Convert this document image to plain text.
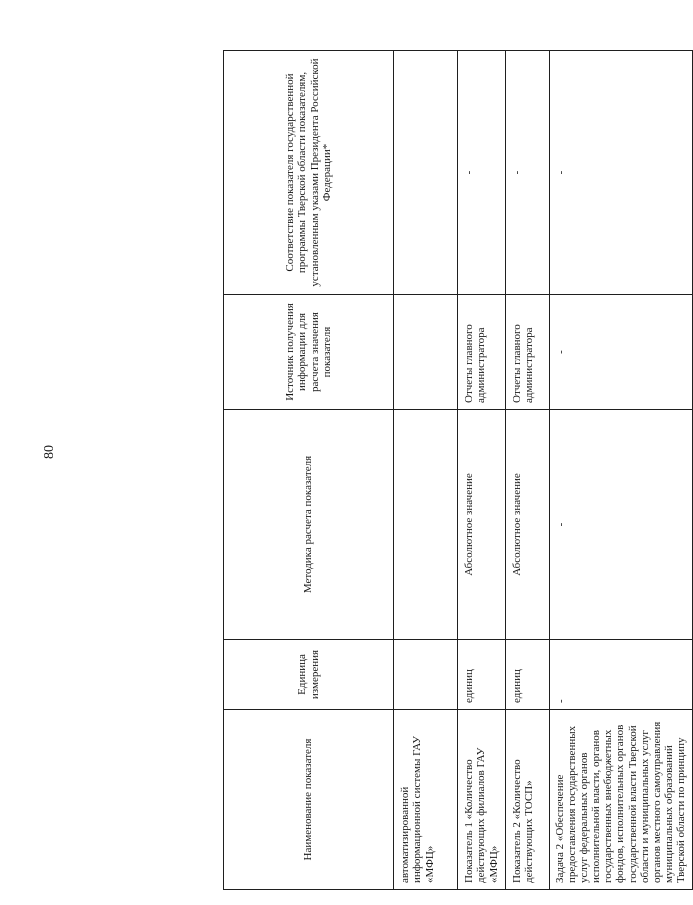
80
Наименование показателя	Единица измерения	Методика расчета показателя	Источник получения информации для расчета значения показателя	Соответствие показателя государственной программы Тверской области показателям, установленным указами Президента Российской Федерации*
автоматизированной информационной системы ГАУ «МФЦ»				
Показатель 1 «Количество действующих филиалов ГАУ «МФЦ»	единиц	Абсолютное значение	Отчеты главного администратора	-
Показатель 2 «Количество действующих ТОСП»	единиц	Абсолютное значение	Отчеты главного администратора	-
Задача 2 «Обеспечение предоставления государственных услуг федеральных органов исполнительной власти, органов государственных внебюджетных фондов, исполнительных органов государственной власти Тверской области и муниципальных услуг органов местного самоуправления муниципальных образований Тверской области по принципу	-	-	-	-
